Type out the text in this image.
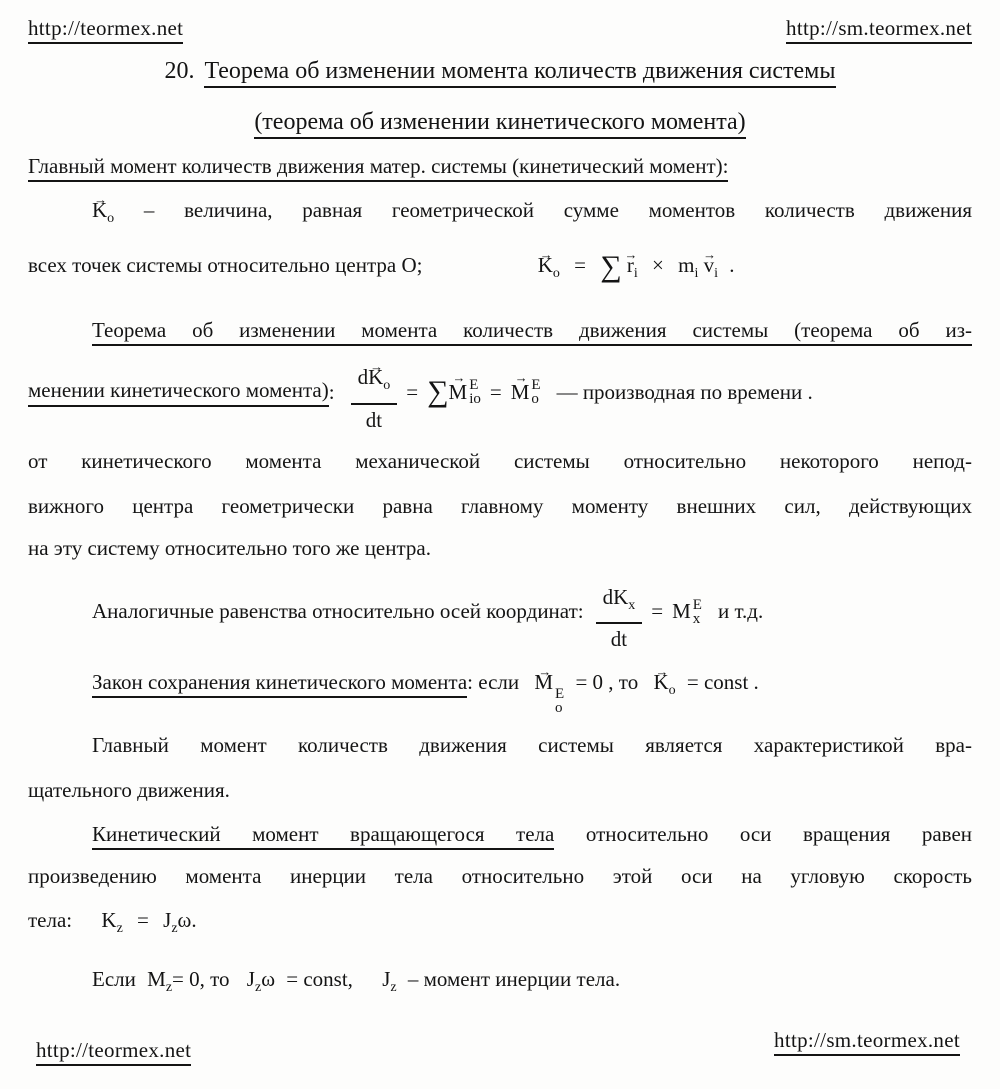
http://teormex.net	http://sm.teormex.net
20. Теорема об изменении момента количеств движения системы
(теорема об изменении кинетического момента)
Главный момент количеств движения матер. системы (кинетический момент):
→ $K_o$ – величина, равная геометрической сумме моментов количеств движения
всех точек системы относительно центра О;	→ $K_o$ = ∑ → $r_i \times m_i \to v_i$ .
Теорема об изменении момента количеств движения системы (теорема об из-
менении кинетического момента) : $\frac{d\to K_o}{dt}$ = ∑ → M E
io = → M E
o — производная по времени .
от кинетического момента механической системы относительно некоторого непод-
вижного центра геометрически равна главному моменту внешних сил, действующих
на эту систему относительно того же центра.
Аналогичные равенства относительно осей координат: $\frac{dK_x}{dt} = M$ E
x и т.д.
Закон сохранения кинетического момента: если → M E
o
= 0 , то → $K_o$ = const .
Главный момент количеств движения системы является характеристикой вра-
щательного движения.
Кинетический момент вращающегося тела относительно оси вращения равен
произведению момента инерции тела относительно этой оси на угловую скорость
тела: $K_z = J_z\omega$.
Если $M_z= 0$, то $J_z\omega$ = const, $J_z$ – момент инерции тела.
http://teormex.net	http://sm.teormex.net
